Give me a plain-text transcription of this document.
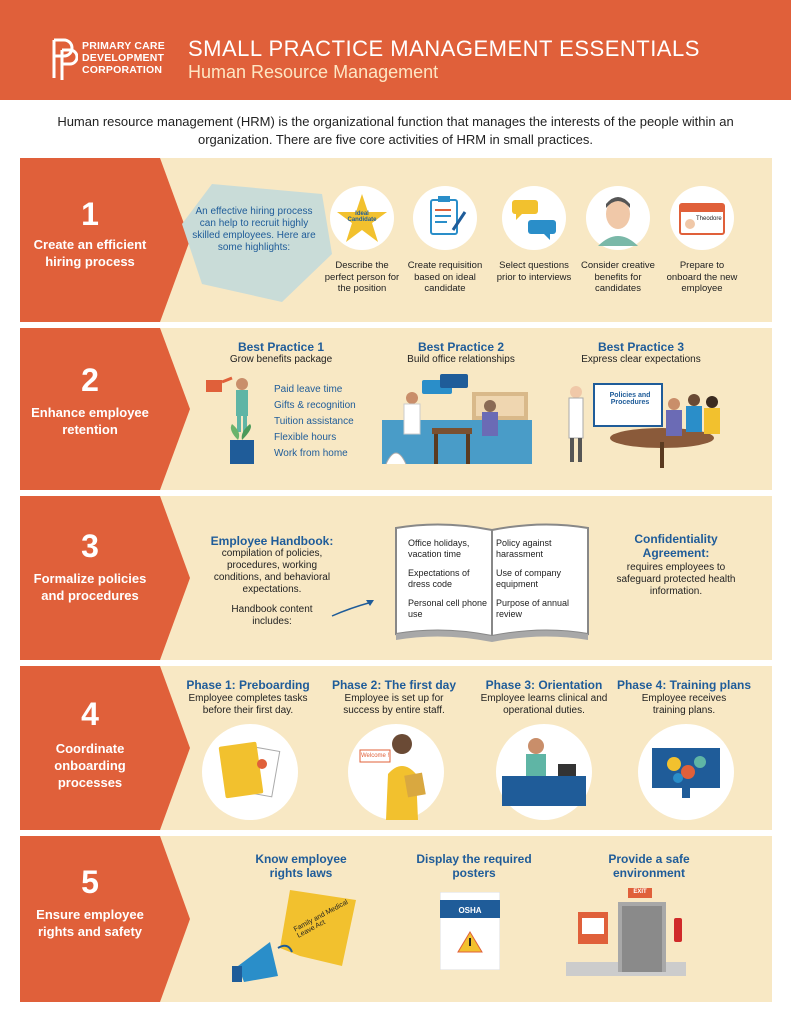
PRIMARY CARE
DEVELOPMENT
CORPORATION
SMALL PRACTICE MANAGEMENT ESSENTIALS
Human Resource Management
Human resource management (HRM) is the organizational function that manages the interests of the people within an organization. There are five core activities of HRM in small practices.
1
Create an efficient hiring process
An effective hiring process can help to recruit highly skilled employees. Here are some highlights:
Ideal Candidate	Theodore
Describe the perfect person for the position
Create requisition based on ideal candidate
Select questions prior to interviews
Consider creative benefits for candidates
Prepare to onboard the new employee
2
Enhance employee retention
Best Practice 1
Grow benefits package
Paid leave time
Gifts & recognition
Tuition assistance
Flexible hours
Work from home
Best Practice 2
Build office relationships
Best Practice 3
Express clear expectations
Policies and Procedures
3
Formalize policies and procedures
Employee Handbook:
compilation of policies, procedures, working conditions, and behavioral expectations.
Handbook content includes:
Office holidays, vacation time
Expectations of dress code
Personal cell phone use
Policy against harassment
Use of company equipment
Purpose of annual review
Confidentiality Agreement:
requires employees to safeguard protected health information.
4
Coordinate onboarding processes
Phase 1: Preboarding
Employee completes tasks before their first day.
Phase 2: The first day
Employee is set up for success by entire staff.
Phase 3: Orientation
Employee learns clinical and operational duties.
Phase 4: Training plans
Employee receives training plans.
Welcome !
5
Ensure employee rights and safety
Know employee rights laws
Display the required posters
Provide a safe environment
Family and Medical Leave Act
OSHA
EXIT
